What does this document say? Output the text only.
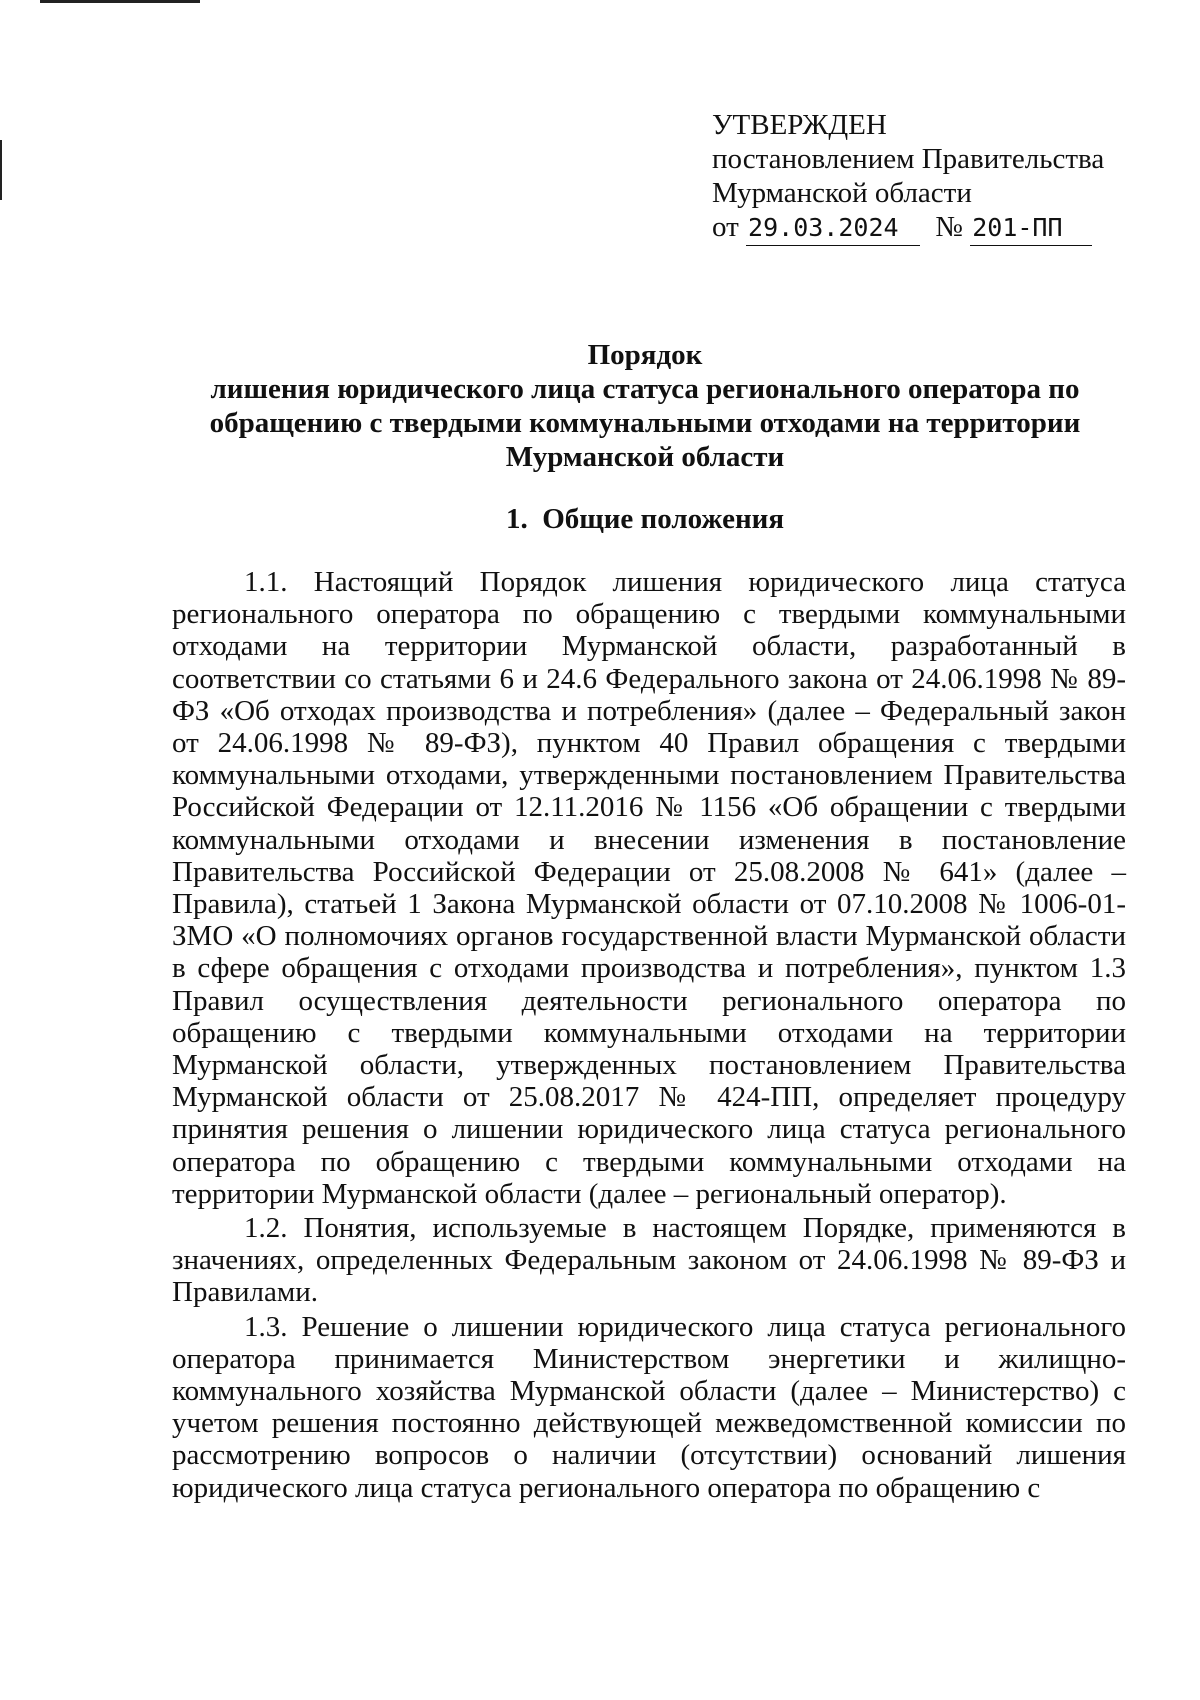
УТВЕРЖДЕН
постановлением Правительства
Мурманской области
от 29.03.2024 № 201-ПП
Порядок
лишения юридического лица статуса регионального оператора по
обращению с твердыми коммунальными отходами на территории
Мурманской области
1. Общие положения

1.1. Настоящий Порядок лишения юридического лица статуса регионального оператора по обращению с твердыми коммунальными отходами на территории Мурманской области, разработанный в соответствии со статьями 6 и 24.6 Федерального закона от 24.06.1998 № 89-ФЗ «Об отходах производства и потребления» (далее – Федеральный закон от 24.06.1998 № 89-ФЗ), пунктом 40 Правил обращения с твердыми коммунальными отходами, утвержденными постановлением Правительства Российской Федерации от 12.11.2016 № 1156 «Об обращении с твердыми коммунальными отходами и внесении изменения в постановление Правительства Российской Федерации от 25.08.2008 № 641» (далее – Правила), статьей 1 Закона Мурманской области от 07.10.2008 № 1006-01-ЗМО «О полномочиях органов государственной власти Мурманской области в сфере обращения с отходами производства и потребления», пунктом 1.3 Правил осуществления деятельности регионального оператора по обращению с твердыми коммунальными отходами на территории Мурманской области, утвержденных постановлением Правительства Мурманской области от 25.08.2017 № 424-ПП, определяет процедуру принятия решения о лишении юридического лица статуса регионального оператора по обращению с твердыми коммунальными отходами на территории Мурманской области (далее – региональный оператор).

1.2. Понятия, используемые в настоящем Порядке, применяются в значениях, определенных Федеральным законом от 24.06.1998 № 89-ФЗ и Правилами.

1.3. Решение о лишении юридического лица статуса регионального оператора принимается Министерством энергетики и жилищно-коммунального хозяйства Мурманской области (далее – Министерство) с учетом решения постоянно действующей межведомственной комиссии по рассмотрению вопросов о наличии (отсутствии) оснований лишения юридического лица статуса регионального оператора по обращению с
